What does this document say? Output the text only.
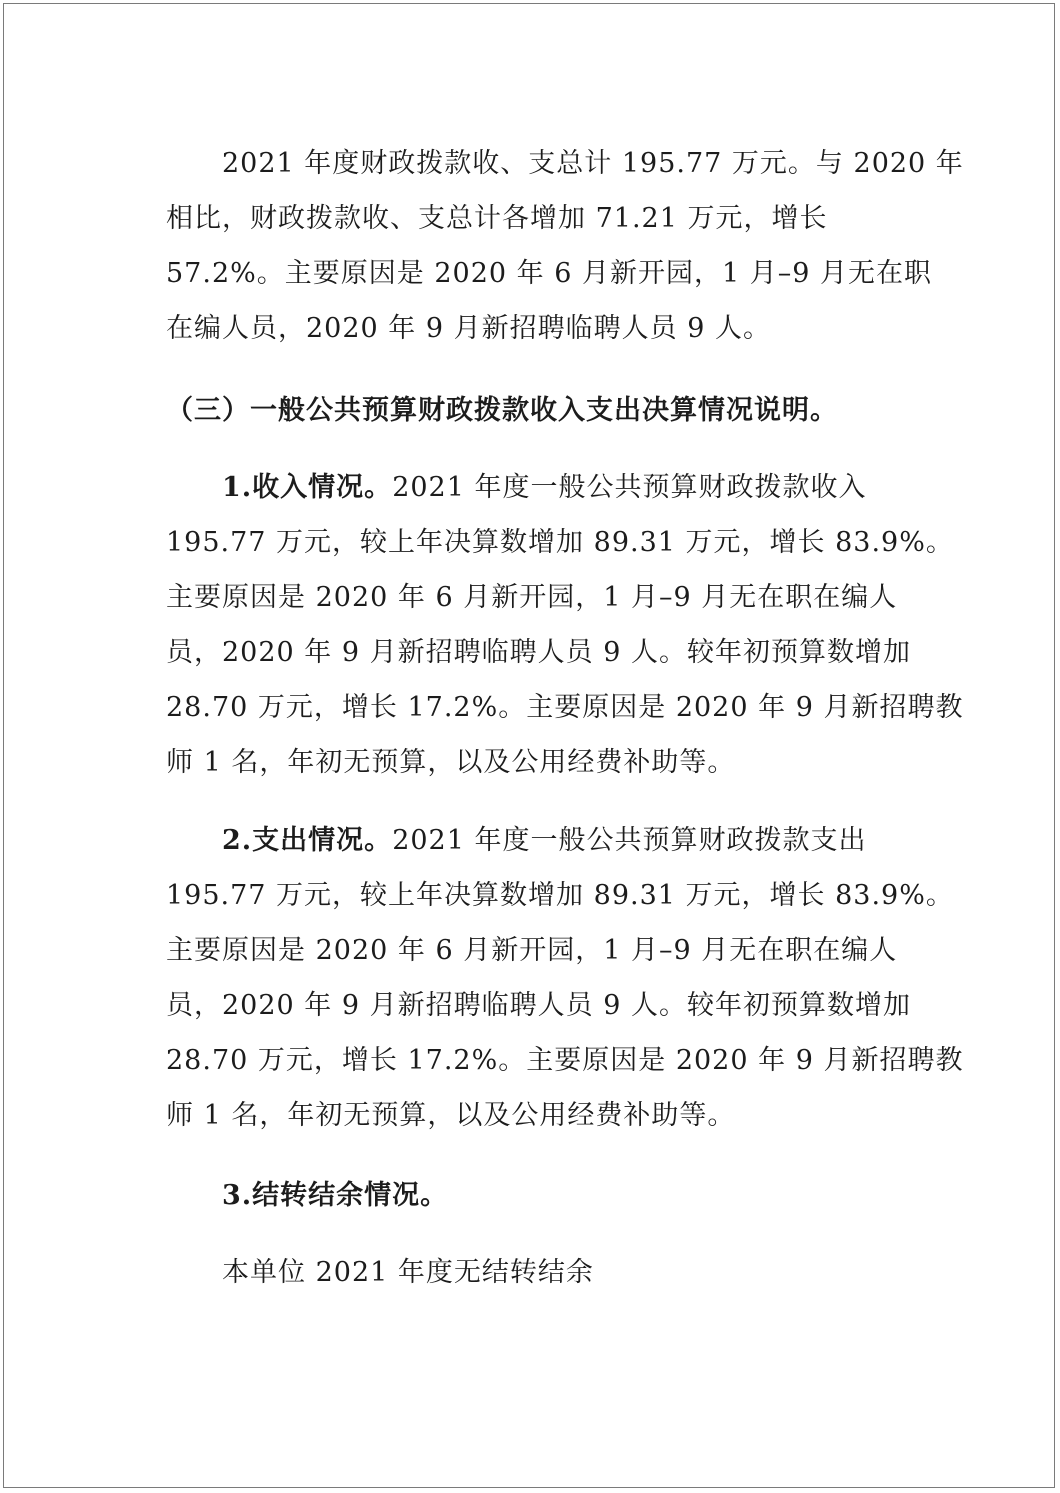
2021 年度财政拨款收、支总计 195.77 万元。与 2020 年

相比，财政拨款收、支总计各增加 71.21 万元，增长

57.2%。主要原因是 2020 年 6 月新开园，1 月–9 月无在职

在编人员，2020 年 9 月新招聘临聘人员 9 人。

（三）一般公共预算财政拨款收入支出决算情况说明。

1.收入情况。2021 年度一般公共预算财政拨款收入

195.77 万元，较上年决算数增加 89.31 万元，增长 83.9%。

主要原因是 2020 年 6 月新开园，1 月–9 月无在职在编人

员，2020 年 9 月新招聘临聘人员 9 人。较年初预算数增加

28.70 万元，增长 17.2%。主要原因是 2020 年 9 月新招聘教

师 1 名，年初无预算，以及公用经费补助等。

2.支出情况。2021 年度一般公共预算财政拨款支出

195.77 万元，较上年决算数增加 89.31 万元，增长 83.9%。

主要原因是 2020 年 6 月新开园，1 月–9 月无在职在编人

员，2020 年 9 月新招聘临聘人员 9 人。较年初预算数增加

28.70 万元，增长 17.2%。主要原因是 2020 年 9 月新招聘教

师 1 名，年初无预算，以及公用经费补助等。

3.结转结余情况。

本单位 2021 年度无结转结余
